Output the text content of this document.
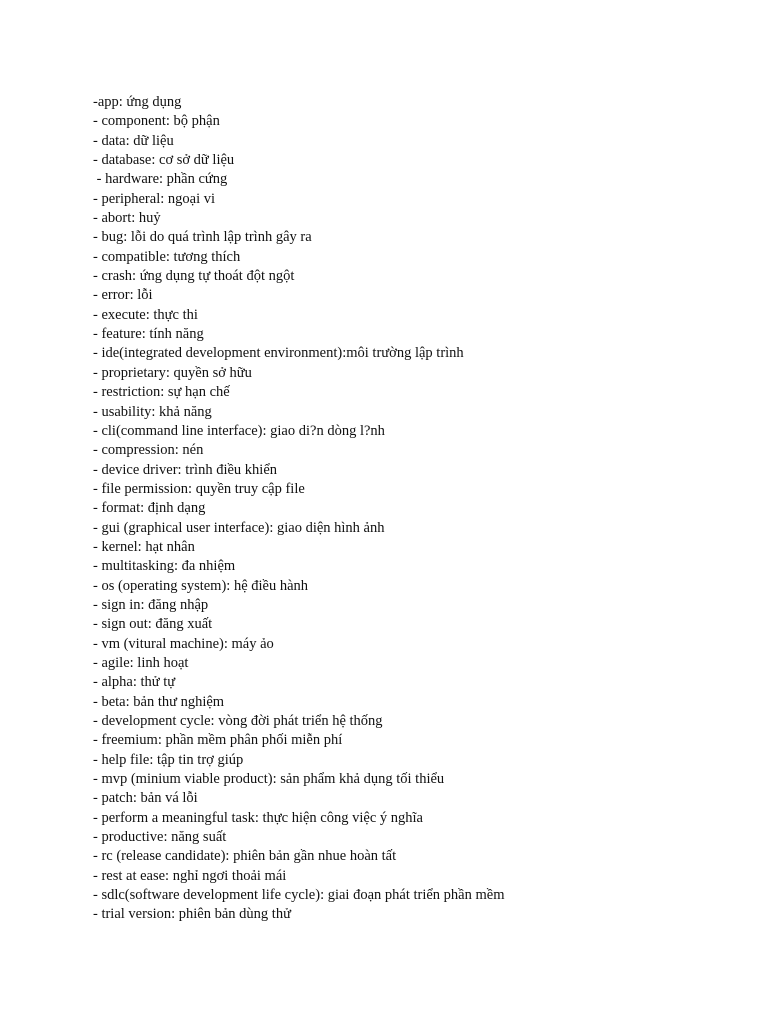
-app: ứng dụng
- component: bộ phận
- data: dữ liệu
- database: cơ sở dữ liệu
- hardware: phần cứng
- peripheral: ngoại vi
- abort: huỷ
- bug: lỗi do quá trình lập trình gây ra
- compatible: tương thích
- crash: ứng dụng tự thoát đột ngột
- error: lỗi
- execute: thực thi
- feature: tính năng
- ide(integrated development environment):môi trường lập trình
- proprietary: quyền sở hữu
- restriction: sự hạn chế
- usability: khả năng
- cli(command line interface): giao di?n dòng l?nh
- compression: nén
- device driver: trình điều khiển
- file permission: quyền truy cập file
- format: định dạng
- gui (graphical user interface): giao diện hình ảnh
- kernel: hạt nhân
- multitasking: đa nhiệm
- os (operating system): hệ điều hành
- sign in: đăng nhập
- sign out: đăng xuất
- vm (vitural machine): máy ảo
- agile: linh hoạt
- alpha: thử tự
- beta: bản thư nghiệm
- development cycle: vòng đời phát triển hệ thống
- freemium: phần mềm phân phối miễn phí
- help file: tập tin trợ giúp
- mvp (minium viable product): sản phẩm khả dụng tối thiểu
- patch: bản vá lỗi
- perform a meaningful task: thực hiện công việc ý nghĩa
- productive: năng suất
- rc (release candidate): phiên bản gần nhue hoàn tất
- rest at ease: nghỉ ngơi thoải mái
- sdlc(software development life cycle): giai đoạn phát triển phần mềm
- trial version: phiên bản dùng thử
